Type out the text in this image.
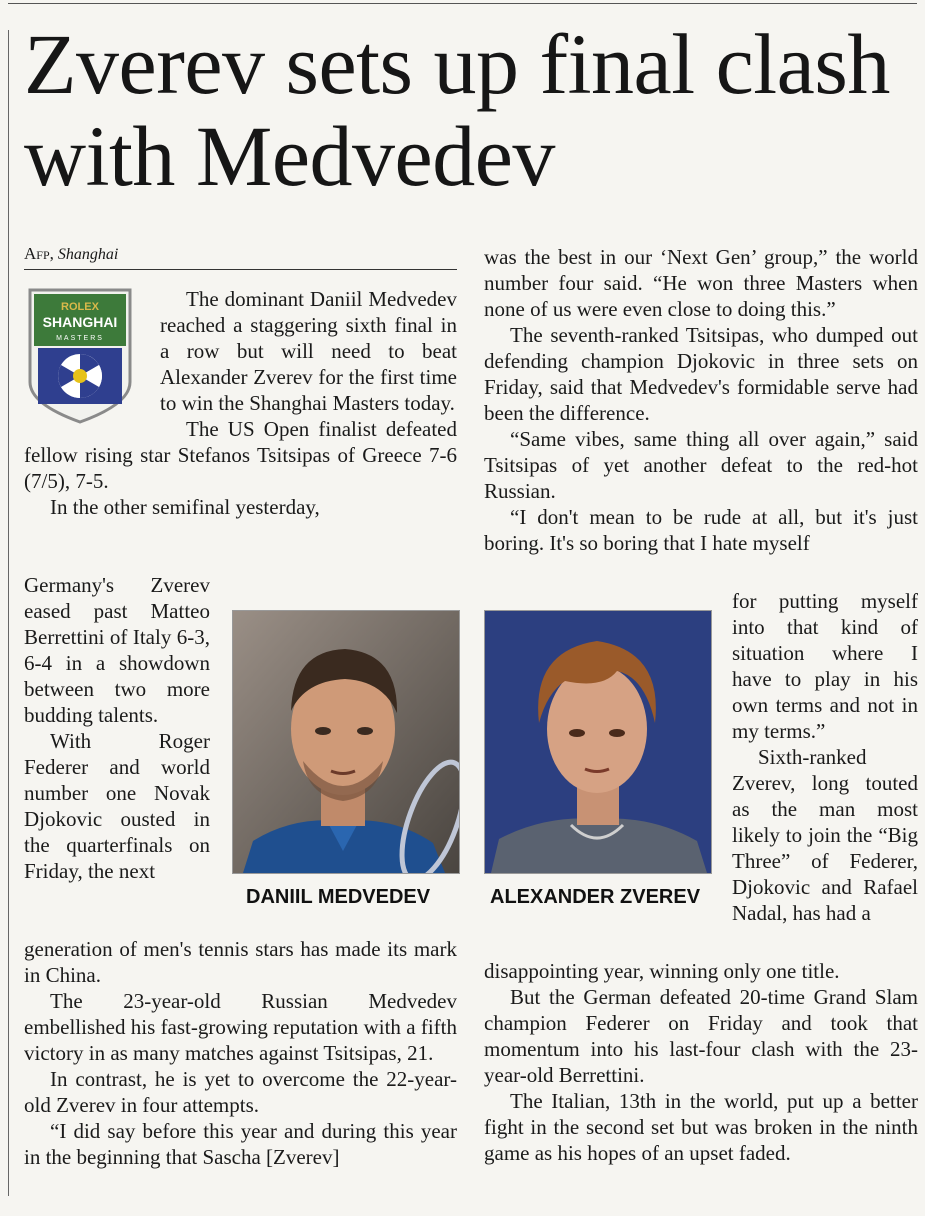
Zverev sets up final clash with Medvedev
Afp, Shanghai
ROLEX
SHANGHAI
MASTERS

The dominant Daniil Medvedev reached a staggering sixth final in a row but will need to beat Alexander Zverev for the first time to win the Shanghai Masters today.

The US Open finalist defeated fellow rising star Stefanos Tsitsipas of Greece 7-6 (7/5), 7-5.

In the other semifinal yesterday,

Germany's Zverev eased past Matteo Berrettini of Italy 6-3, 6-4 in a showdown between two more budding talents.

With Roger Federer and world number one Novak Djokovic ousted in the quarterfinals on Friday, the next

DANIIL MEDVEDEV

generation of men's tennis stars has made its mark in China.

The 23-year-old Russian Medvedev embellished his fast-growing reputation with a fifth victory in as many matches against Tsitsipas, 21.

In contrast, he is yet to overcome the 22-year-old Zverev in four attempts.

“I did say before this year and during this year in the beginning that Sascha [Zverev]

was the best in our ‘Next Gen’ group,” the world number four said. “He won three Masters when none of us were even close to doing this.”

The seventh-ranked Tsitsipas, who dumped out defending champion Djokovic in three sets on Friday, said that Medvedev's formidable serve had been the difference.

“Same vibes, same thing all over again,” said Tsitsipas of yet another defeat to the red-hot Russian.

“I don't mean to be rude at all, but it's just boring. It's so boring that I hate myself

ALEXANDER ZVEREV

for putting myself into that kind of situation where I have to play in his own terms and not in my terms.”

Sixth-ranked Zverev, long touted as the man most likely to join the “Big Three” of Federer, Djokovic and Rafael Nadal, has had a

disappointing year, winning only one title.

But the German defeated 20-time Grand Slam champion Federer on Friday and took that momentum into his last-four clash with the 23-year-old Berrettini.

The Italian, 13th in the world, put up a better fight in the second set but was broken in the ninth game as his hopes of an upset faded.
